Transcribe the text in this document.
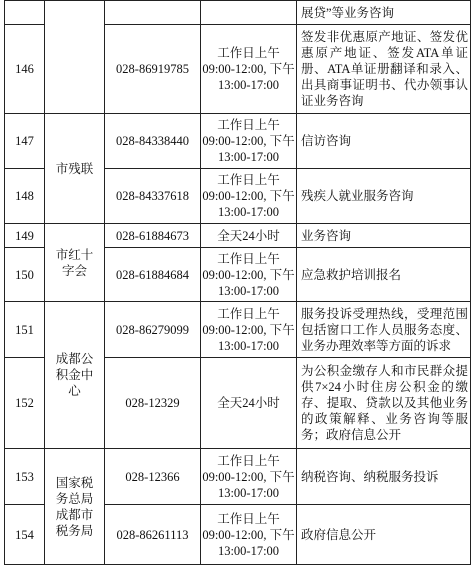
				展贷”等业务咨询
146		028-86919785	工作日上午
09:00-12:00, 下午
13:00-17:00	签发非优惠原产地证、签发优惠原产地证、签发ATA单证册、ATA单证册翻译和录入、出具商事证明书、代办领事认证业务咨询
147	市残联	028-84338440	工作日上午
09:00-12:00, 下午
13:00-17:00	信访咨询
148		028-84337618	工作日上午
09:00-12:00, 下午
13:00-17:00	残疾人就业服务咨询
149	市红十字会	028-61884673	全天24小时	业务咨询
150		028-61884684	工作日上午
09:00-12:00, 下午
13:00-17:00	应急救护培训报名
151	成都公积金中心	028-86279099	工作日上午
09:00-12:00, 下午
13:00-17:00	服务投诉受理热线，受理范围包括窗口工作人员服务态度、业务办理效率等方面的诉求
152		028-12329	全天24小时	为公积金缴存人和市民群众提供7×24小时住房公积金的缴存、提取、贷款以及其他业务的政策解释、业务咨询等服务；政府信息公开
153	国家税务总局成都市税务局	028-12366	工作日上午
09:00-12:00, 下午
13:00-17:00	纳税咨询、纳税服务投诉
154		028-86261113	工作日上午
09:00-12:00, 下午
13:00-17:00	政府信息公开
